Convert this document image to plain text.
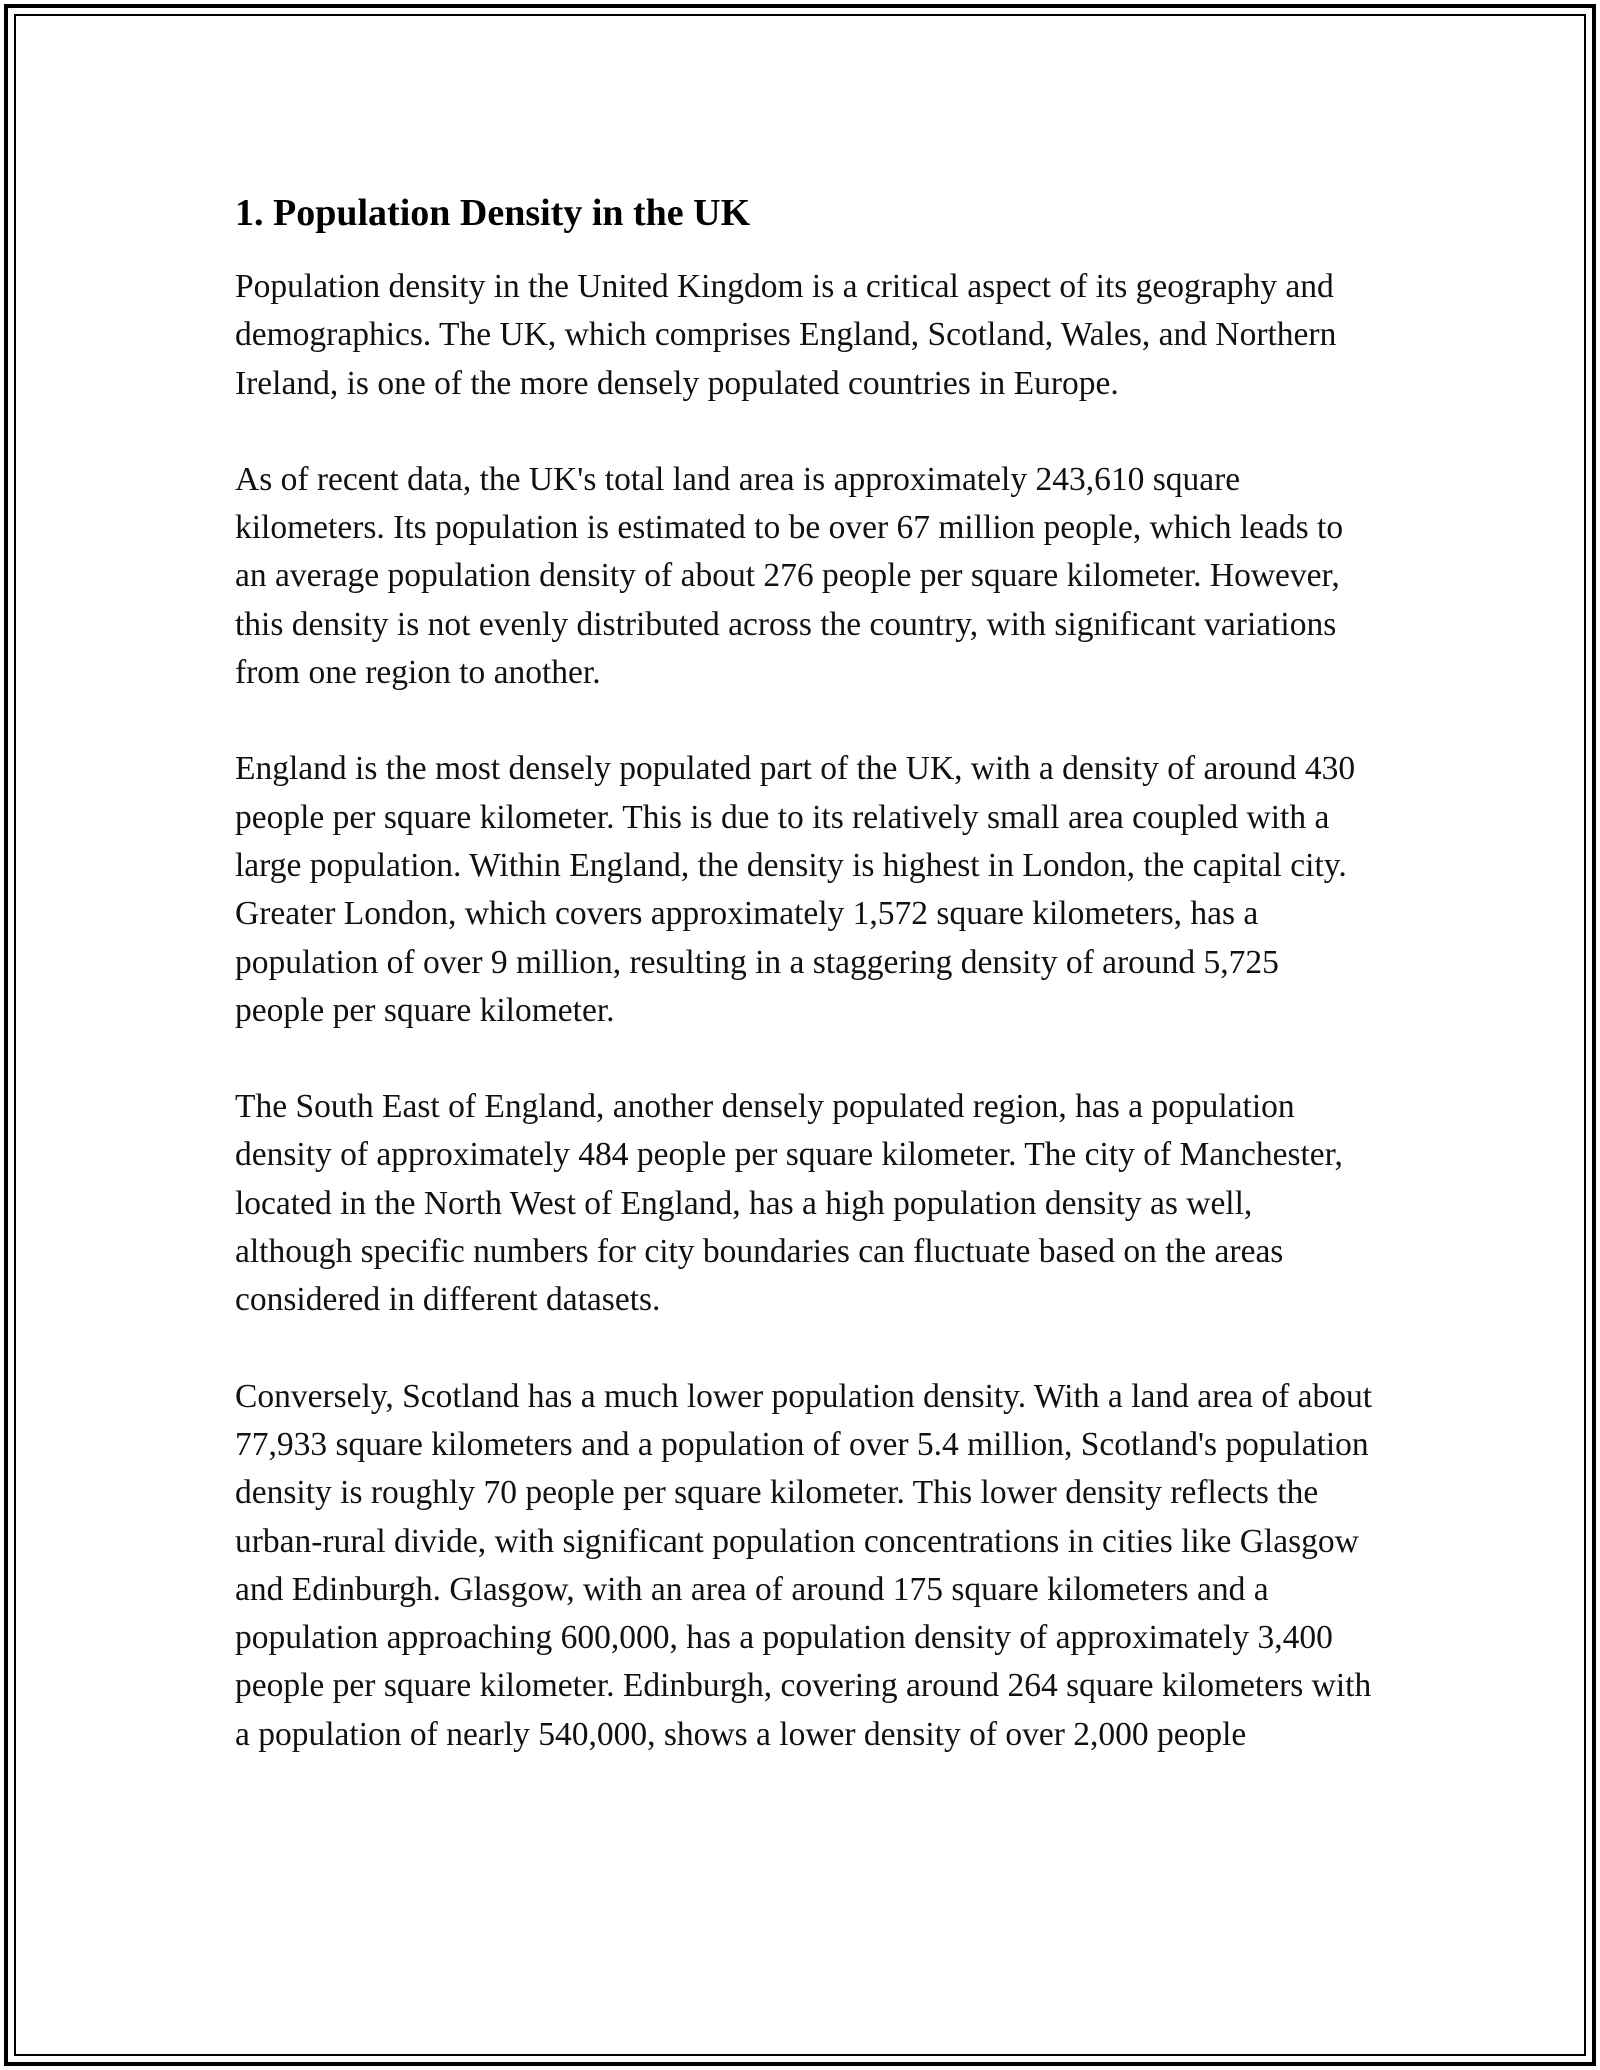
1. Population Density in the UK

Population density in the United Kingdom is a critical aspect of its geography and demographics. The UK, which comprises England, Scotland, Wales, and Northern Ireland, is one of the more densely populated countries in Europe.

As of recent data, the UK's total land area is approximately 243,610 square kilometers. Its population is estimated to be over 67 million people, which leads to an average population density of about 276 people per square kilometer. However, this density is not evenly distributed across the country, with significant variations from one region to another.

England is the most densely populated part of the UK, with a density of around 430 people per square kilometer. This is due to its relatively small area coupled with a large population. Within England, the density is highest in London, the capital city. Greater London, which covers approximately 1,572 square kilometers, has a population of over 9 million, resulting in a staggering density of around 5,725 people per square kilometer.

The South East of England, another densely populated region, has a population density of approximately 484 people per square kilometer. The city of Manchester, located in the North West of England, has a high population density as well, although specific numbers for city boundaries can fluctuate based on the areas considered in different datasets.

Conversely, Scotland has a much lower population density. With a land area of about 77,933 square kilometers and a population of over 5.4 million, Scotland's population density is roughly 70 people per square kilometer. This lower density reflects the urban-rural divide, with significant population concentrations in cities like Glasgow and Edinburgh. Glasgow, with an area of around 175 square kilometers and a population approaching 600,000, has a population density of approximately 3,400 people per square kilometer. Edinburgh, covering around 264 square kilometers with a population of nearly 540,000, shows a lower density of over 2,000 people
